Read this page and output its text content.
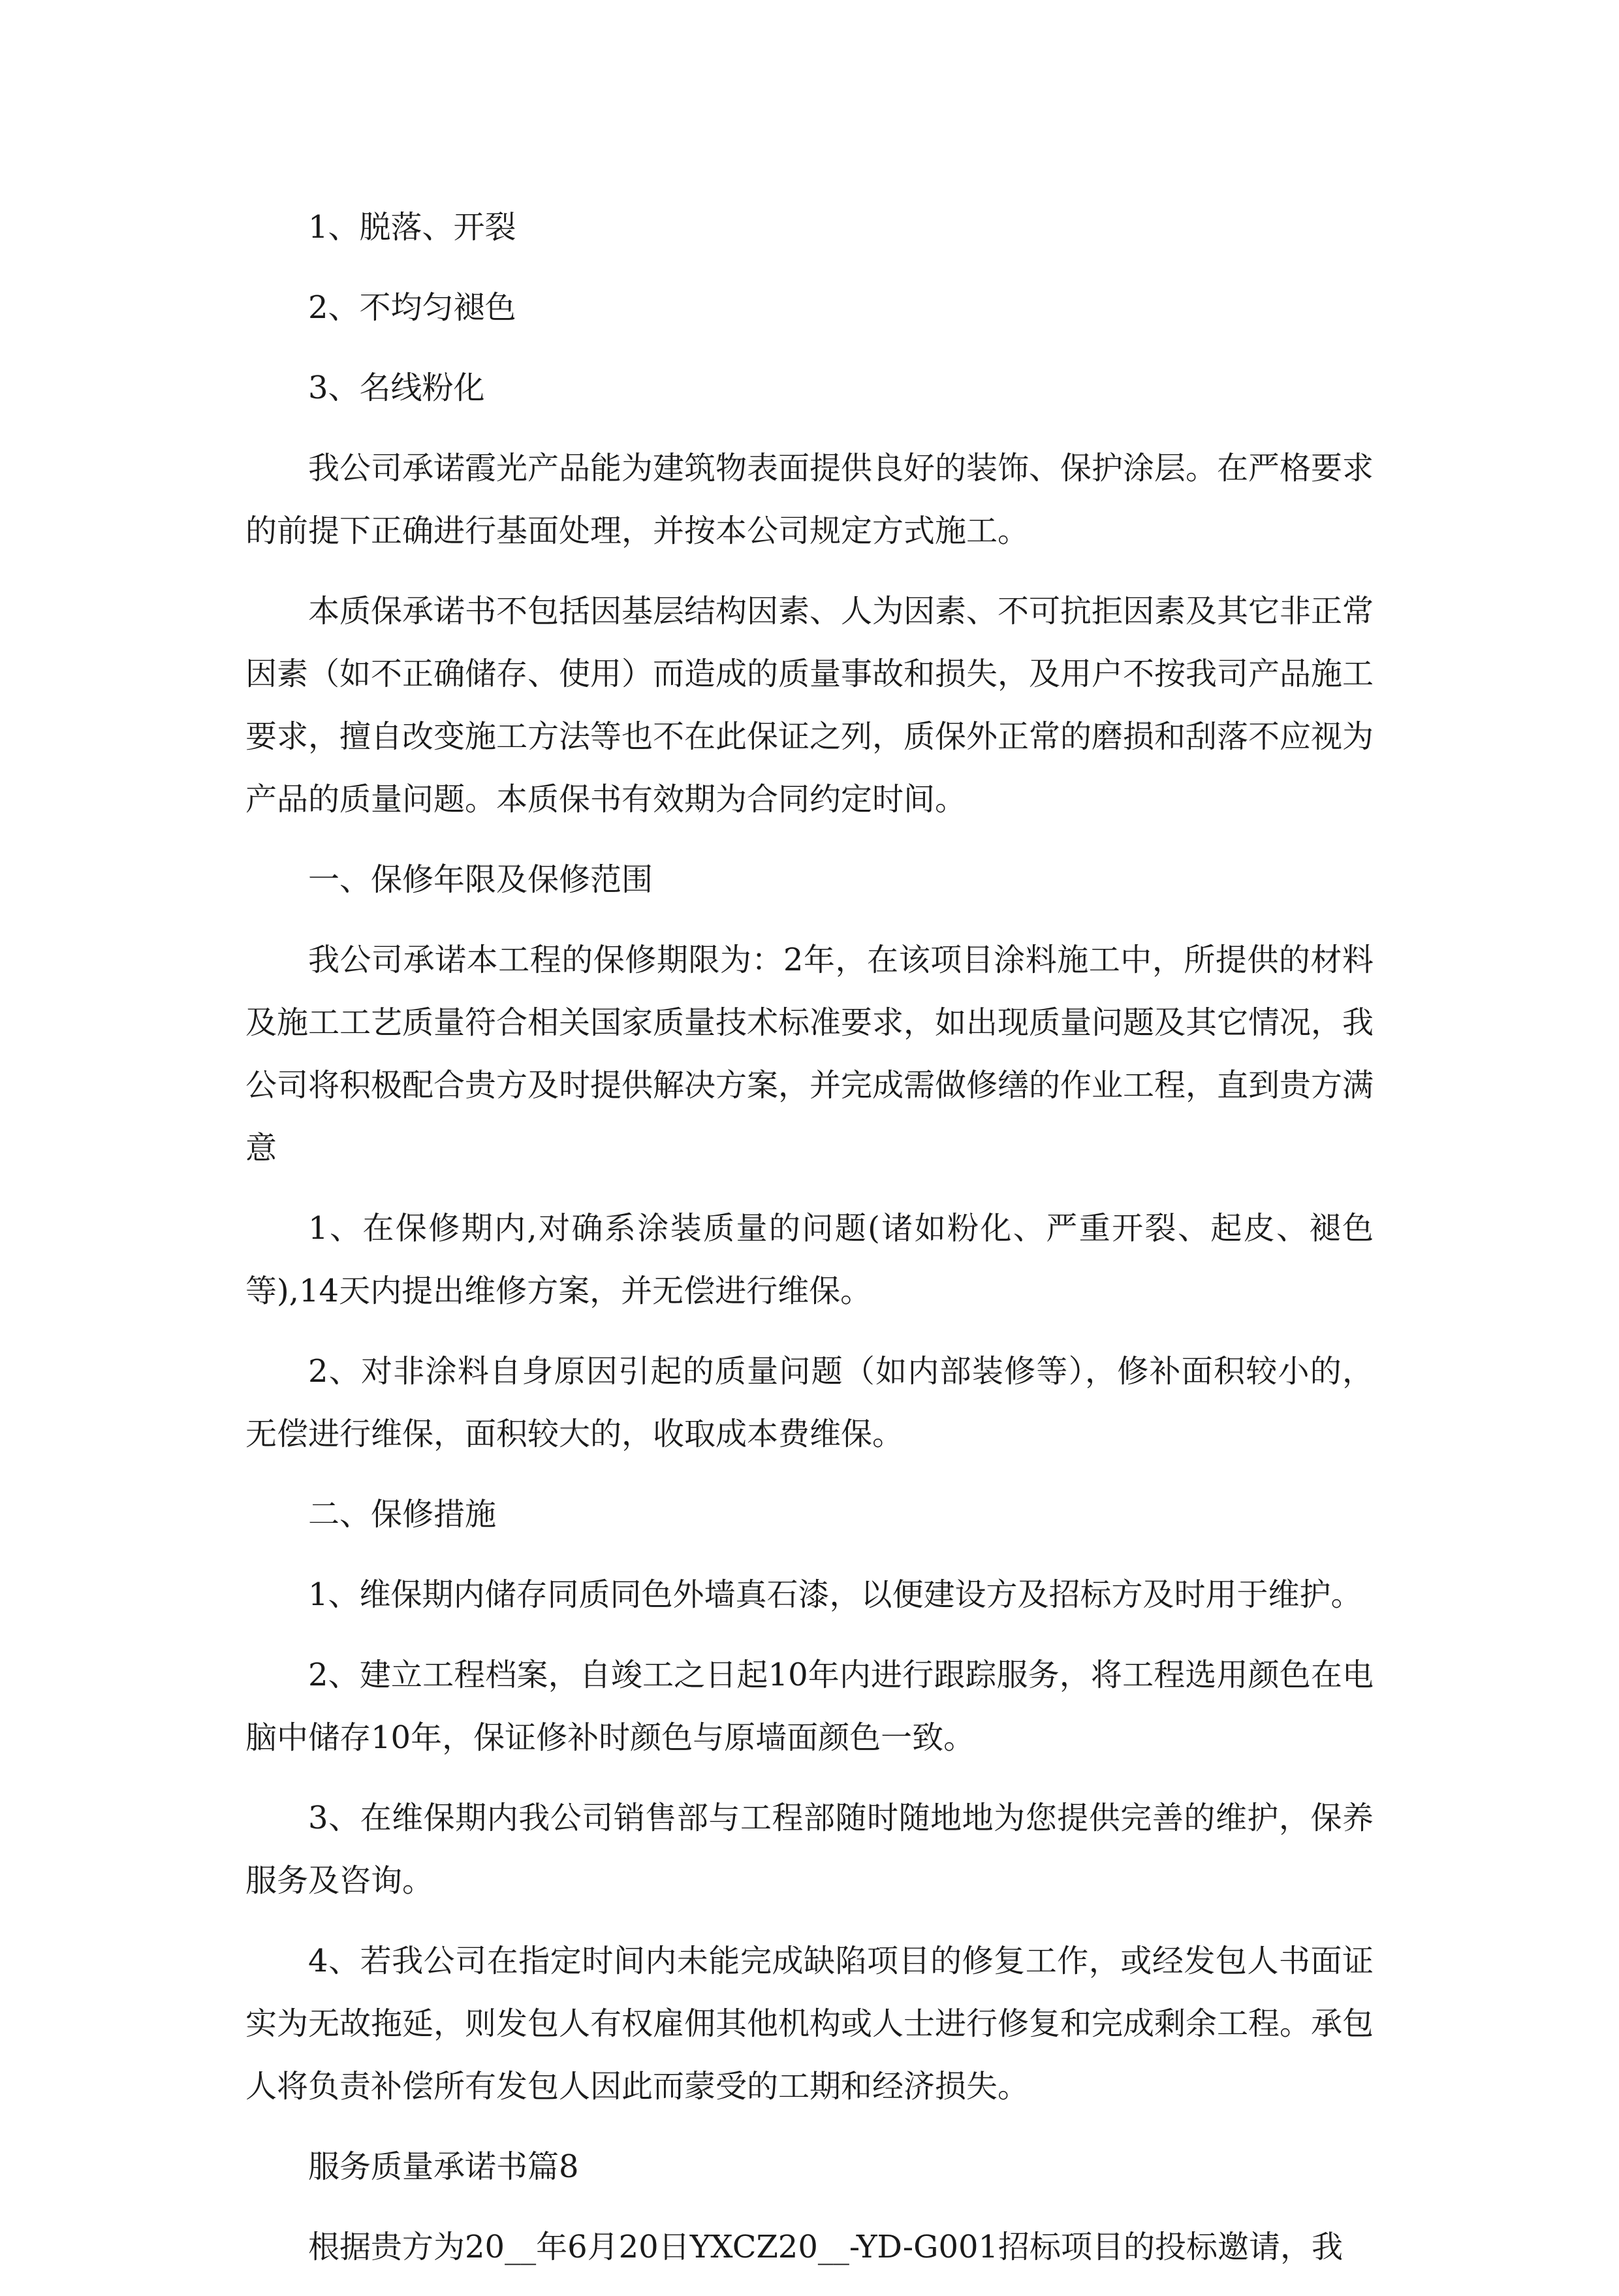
1、脱落、开裂

2、不均匀褪色

3、名线粉化

我公司承诺霞光产品能为建筑物表面提供良好的装饰、保护涂层。在严格要求的前提下正确进行基面处理，并按本公司规定方式施工。

本质保承诺书不包括因基层结构因素、人为因素、不可抗拒因素及其它非正常因素（如不正确储存、使用）而造成的质量事故和损失，及用户不按我司产品施工要求，擅自改变施工方法等也不在此保证之列，质保外正常的磨损和刮落不应视为产品的质量问题。本质保书有效期为合同约定时间。

一、保修年限及保修范围

我公司承诺本工程的保修期限为：2年，在该项目涂料施工中，所提供的材料及施工工艺质量符合相关国家质量技术标准要求，如出现质量问题及其它情况，我公司将积极配合贵方及时提供解决方案，并完成需做修缮的作业工程，直到贵方满意

1、在保修期内,对确系涂装质量的问题(诸如粉化、严重开裂、起皮、褪色等),14天内提出维修方案，并无偿进行维保。

2、对非涂料自身原因引起的质量问题（如内部装修等），修补面积较小的，无偿进行维保，面积较大的，收取成本费维保。

二、保修措施

1、维保期内储存同质同色外墙真石漆，以便建设方及招标方及时用于维护。

2、建立工程档案，自竣工之日起10年内进行跟踪服务，将工程选用颜色在电脑中储存10年，保证修补时颜色与原墙面颜色一致。

3、在维保期内我公司销售部与工程部随时随地地为您提供完善的维护，保养服务及咨询。

4、若我公司在指定时间内未能完成缺陷项目的修复工作，或经发包人书面证实为无故拖延，则发包人有权雇佣其他机构或人士进行修复和完成剩余工程。承包人将负责补偿所有发包人因此而蒙受的工期和经济损失。

服务质量承诺书篇8

根据贵方为20__年6月20日YXCZ20__-YD-G001招标项目的投标邀请，我
